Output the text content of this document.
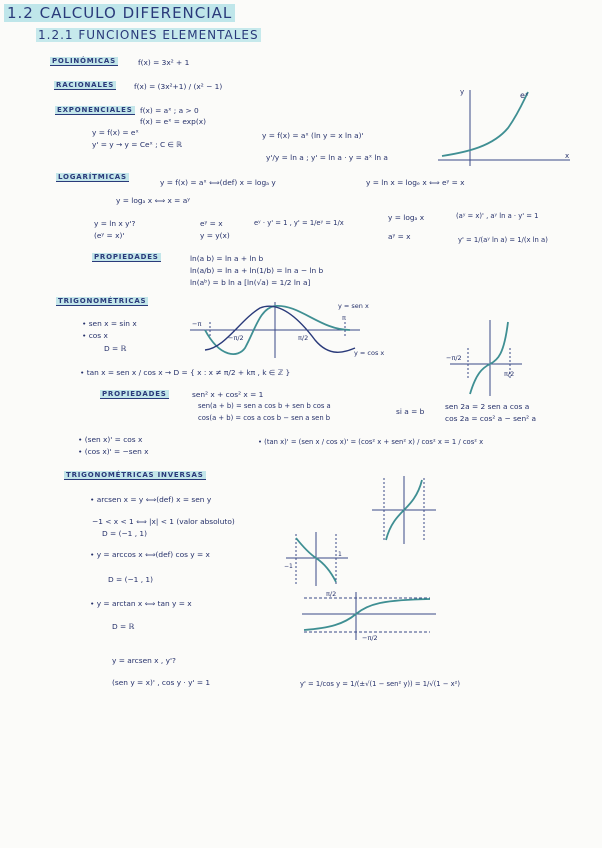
1.2 CALCULO DIFERENCIAL
1.2.1 FUNCIONES ELEMENTALES
POLINÓMICAS	f(x) = 3x² + 1
RACIONALES	f(x) = (3x²+1) / (x² − 1)
EXPONENCIALES f(x) = aˣ ; a > 0
f(x) = eˣ = exp(x)
y = f(x) = eˣ
y' = y → y = Ceˣ ; C ∈ ℝ
y = f(x) = aˣ (ln y = x ln a)'
y'/y = ln a ; y' = ln a · y = aˣ ln a
eˣ
x
y
LOGARÍTMICAS
y = f(x) = aˣ ⟺(def) x = logₐ y	y = ln x = logₑ x ⟺ eʸ = x
y = logₐ x ⟺ x = aʸ
y = ln x y'?
(eʸ = x)'
eʸ = x
y = y(x)
eʸ · y' = 1 , y' = 1/eʸ = 1/x
y = logₐ x
aʸ = x
(aʸ = x)' , aʸ ln a · y' = 1
y' = 1/(aʸ ln a) = 1/(x ln a)
PROPIEDADES	ln(a b) = ln a + ln b
ln(a/b) = ln a + ln(1/b) = ln a − ln b
ln(aᵇ) = b ln a [ln(√a) = 1/2 ln a]
TRIGONOMÉTRICAS
• sen x = sin x
• cos x
D = ℝ
• tan x = sen x / cos x → D = { x : x ≠ π/2 + kπ , k ∈ ℤ }
y = sen x
y = cos x
−π
π
−π/2	π/2
−π/2
π/2
PROPIEDADES	sen² x + cos² x = 1
sen(a + b) = sen a cos b + sen b cos a
cos(a + b) = cos a cos b − sen a sen b
si a = b
sen 2a = 2 sen a cos a
cos 2a = cos² a − sen² a
• (sen x)' = cos x
• (cos x)' = −sen x
• (tan x)' = (sen x / cos x)' = (cos² x + sen² x) / cos² x = 1 / cos² x
TRIGONOMÉTRICAS INVERSAS
• arcsen x = y ⟺(def) x = sen y
−1 < x < 1 ⟺ |x| < 1 (valor absoluto)
D = (−1 , 1)
• y = arccos x ⟺(def) cos y = x
D = (−1 , 1)
• y = arctan x ⟺ tan y = x
D = ℝ
y = arcsen x , y'?
(sen y = x)' , cos y · y' = 1	y' = 1/cos y = 1/(±√(1 − sen² y)) = 1/√(1 − x²)
1
−1
π/2
−π/2
